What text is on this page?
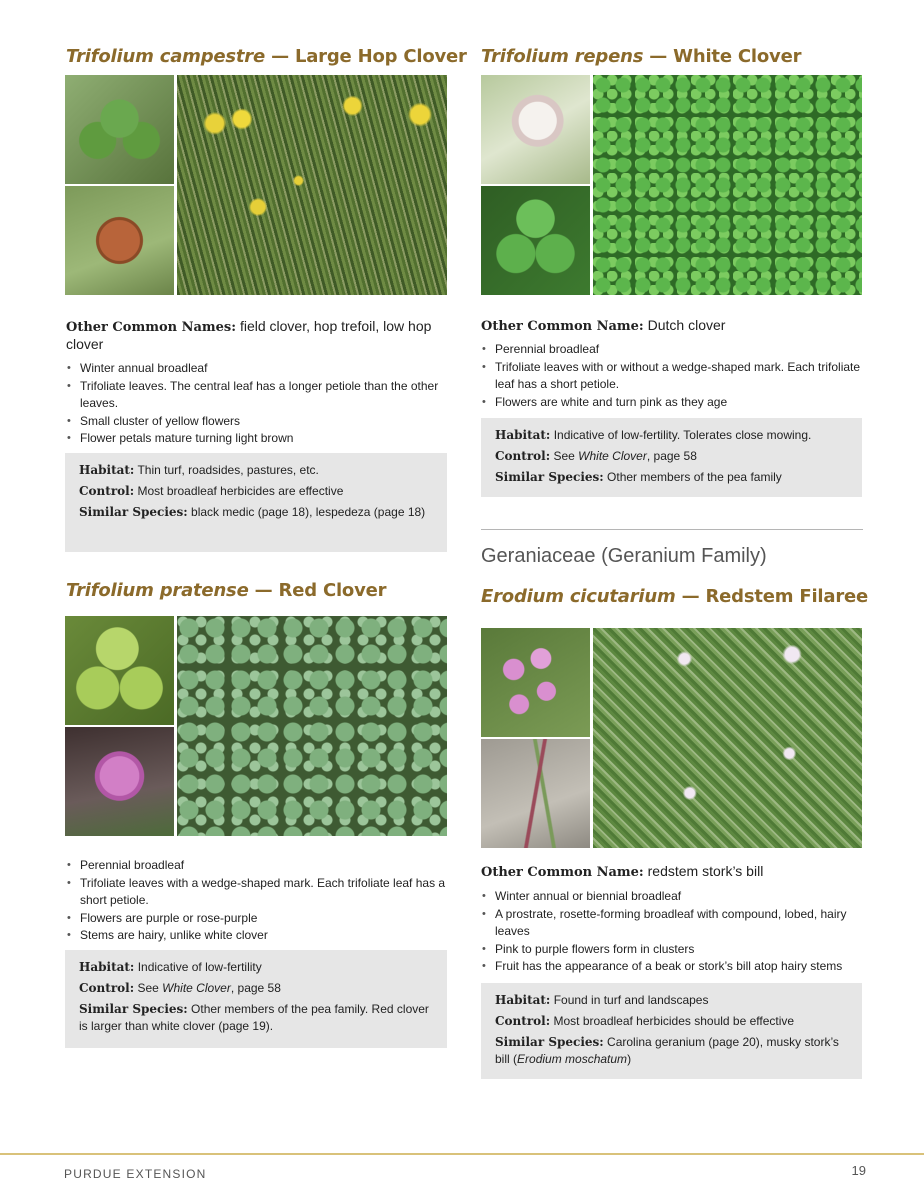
Trifolium campestre — Large Hop Clover
Other Common Names: field clover, hop trefoil, low hop clover
• Winter annual broadleaf
• Trifoliate leaves. The central leaf has a longer petiole than the other leaves.
• Small cluster of yellow flowers
• Flower petals mature turning light brown
Habitat: Thin turf, roadsides, pastures, etc.
Control: Most broadleaf herbicides are effective
Similar Species: black medic (page 18), lespedeza (page 18)
Trifolium pratense — Red Clover
• Perennial broadleaf
• Trifoliate leaves with a wedge-shaped mark. Each trifoliate leaf has a short petiole.
• Flowers are purple or rose-purple
• Stems are hairy, unlike white clover
Habitat: Indicative of low-fertility
Control: See White Clover, page 58
Similar Species: Other members of the pea family. Red clover is larger than white clover (page 19).
Trifolium repens — White Clover
Other Common Name: Dutch clover
• Perennial broadleaf
• Trifoliate leaves with or without a wedge-shaped mark. Each trifoliate leaf has a short petiole.
• Flowers are white and turn pink as they age
Habitat: Indicative of low-fertility. Tolerates close mowing.
Control: See White Clover, page 58
Similar Species: Other members of the pea family
Geraniaceae (Geranium Family)
Erodium cicutarium — Redstem Filaree
Other Common Name: redstem stork’s bill
• Winter annual or biennial broadleaf
• A prostrate, rosette-forming broadleaf with compound, lobed, hairy leaves
• Pink to purple flowers form in clusters
• Fruit has the appearance of a beak or stork’s bill atop hairy stems
Habitat: Found in turf and landscapes
Control: Most broadleaf herbicides should be effective
Similar Species: Carolina geranium (page 20), musky stork’s bill (Erodium moschatum)
PURDUE EXTENSION	19
